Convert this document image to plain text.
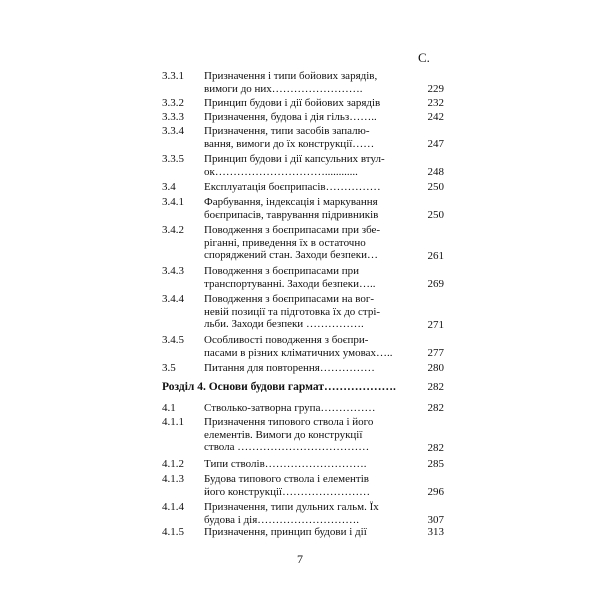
С.
3.3.1 Призначення і типи бойових зарядів,
вимоги до них…………………….	229
3.3.2 Принцип будови і дії бойових зарядів	232
3.3.3 Призначення, будова і дія гільз……..	242
3.3.4 Призначення, типи засобів запалю-
вання, вимоги до їх конструкції……	247
3.3.5 Принцип будови і дії капсульних втул-
ок…………………………............	248
3.4	Експлуатація боєприпасів……………	250
3.4.1 Фарбування, індексація і маркування
боєприпасів, таврування підривників	250
3.4.2 Поводження з боєприпасами при збе-
ріганні, приведення їх в остаточно
споряджений стан. Заходи безпеки…	261
3.4.3 Поводження з боєприпасами при
транспортуванні. Заходи безпеки…..	269
3.4.4 Поводження з боєприпасами на вог-
невій позиції та підготовка їх до стрі-
льби. Заходи безпеки …………….	271
3.4.5 Особливості поводження з боєпри-
пасами в різних кліматичних умовах…..	277
3.5	Питання для повторення……………	280
Розділ 4. Основи будови гармат……………….	282
4.1	Стволько-затворна група……………	282
4.1.1 Призначення типового ствола і його
елементів. Вимоги до конструкції
ствола ………………………………	282
4.1.2 Типи стволів……………………….	285
4.1.3 Будова типового ствола і елементів
його конструкції……………………	296
4.1.4 Призначення, типи дульних гальм. Їх
будова і дія……………………….	307
4.1.5 Призначення, принцип будови і дії	313
7
